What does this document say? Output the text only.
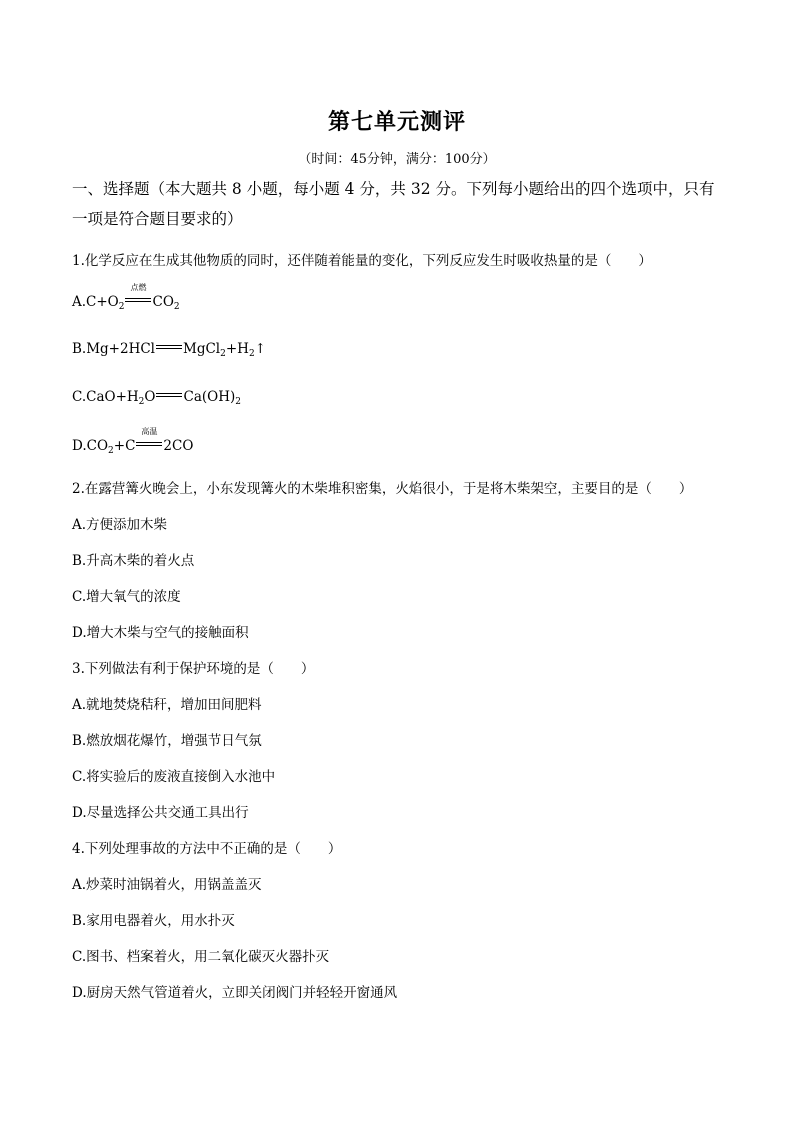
第七单元测评
（时间：45分钟，满分：100分）
一、选择题（本大题共 8 小题，每小题 4 分，共 32 分。下列每小题给出的四个选项中，只有一项是符合题目要求的）
1.化学反应在生成其他物质的同时，还伴随着能量的变化，下列反应发生时吸收热量的是（　　）
$A.C+O_2$
点燃
$CO_2$
B.Mg+2HCl $MgCl_2+H_2↑$
$C.CaO+H_2O$ $Ca(OH)_2$
$D.CO_2+C$
高温
2CO
2.在露营篝火晚会上，小东发现篝火的木柴堆积密集，火焰很小，于是将木柴架空，主要目的是（　　）
A.方便添加木柴
B.升高木柴的着火点
C.增大氧气的浓度
D.增大木柴与空气的接触面积
3.下列做法有利于保护环境的是（　　）
A.就地焚烧秸秆，增加田间肥料
B.燃放烟花爆竹，增强节日气氛
C.将实验后的废液直接倒入水池中
D.尽量选择公共交通工具出行
4.下列处理事故的方法中不正确的是（　　）
A.炒菜时油锅着火，用锅盖盖灭
B.家用电器着火，用水扑灭
C.图书、档案着火，用二氧化碳灭火器扑灭
D.厨房天然气管道着火，立即关闭阀门并轻轻开窗通风
